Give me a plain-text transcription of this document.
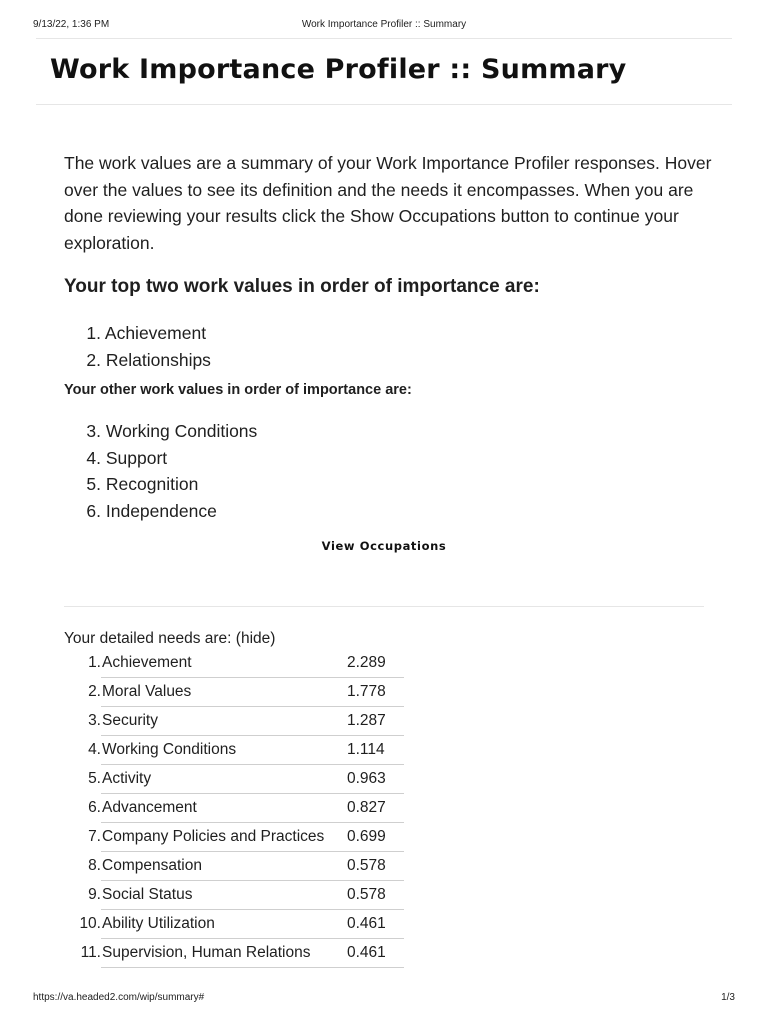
9/13/22, 1:36 PM	Work Importance Profiler :: Summary
Work Importance Profiler :: Summary

The work values are a summary of your Work Importance Profiler responses. Hover over the values to see its definition and the needs it encompasses. When you are done reviewing your results click the Show Occupations button to continue your exploration.

Your top two work values in order of importance are:
1. Achievement
2. Relationships
Your other work values in order of importance are:
3. Working Conditions
4. Support
5. Recognition
6. Independence
View Occupations

Your detailed needs are: (hide)

1.	Achievement	2.289
2.	Moral Values	1.778
3.	Security	1.287
4.	Working Conditions	1.114
5.	Activity	0.963
6.	Advancement	0.827
7.	Company Policies and Practices	0.699
8.	Compensation	0.578
9.	Social Status	0.578
10.	Ability Utilization	0.461
11.	Supervision, Human Relations	0.461
https://va.headed2.com/wip/summary#	1/3
